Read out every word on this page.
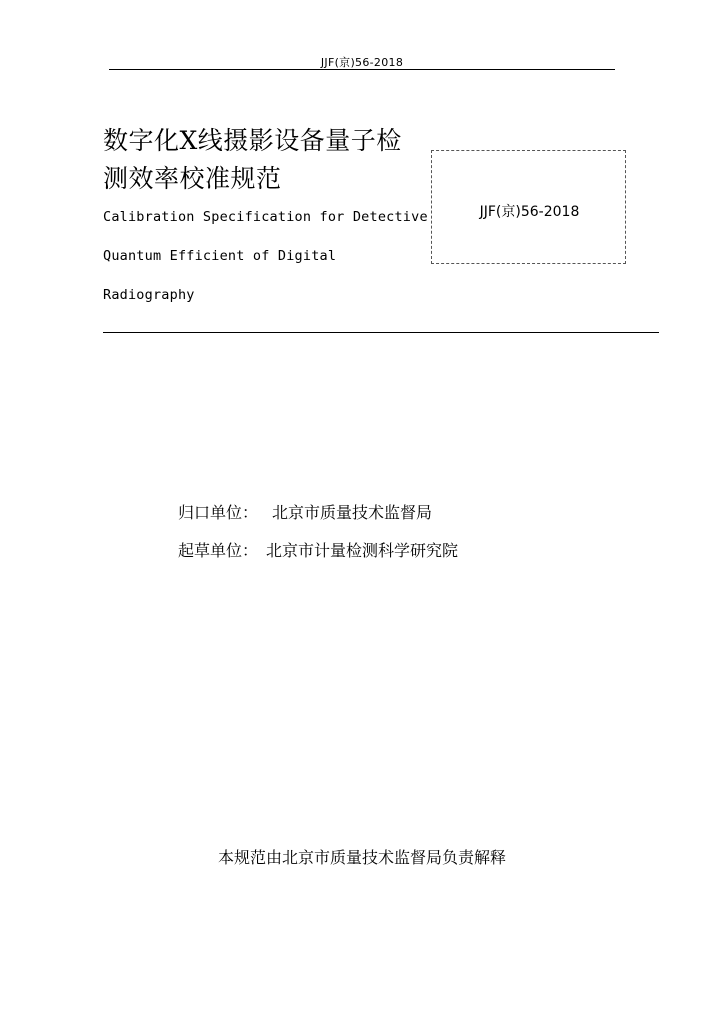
JJF(京)56-2018
数字化X线摄影设备量子检
测效率校准规范
Calibration Specification for Detective
Quantum Efficient of Digital
Radiography
JJF(京)56-2018
归口单位： 北京市质量技术监督局
起草单位： 北京市计量检测科学研究院
本规范由北京市质量技术监督局负责解释
